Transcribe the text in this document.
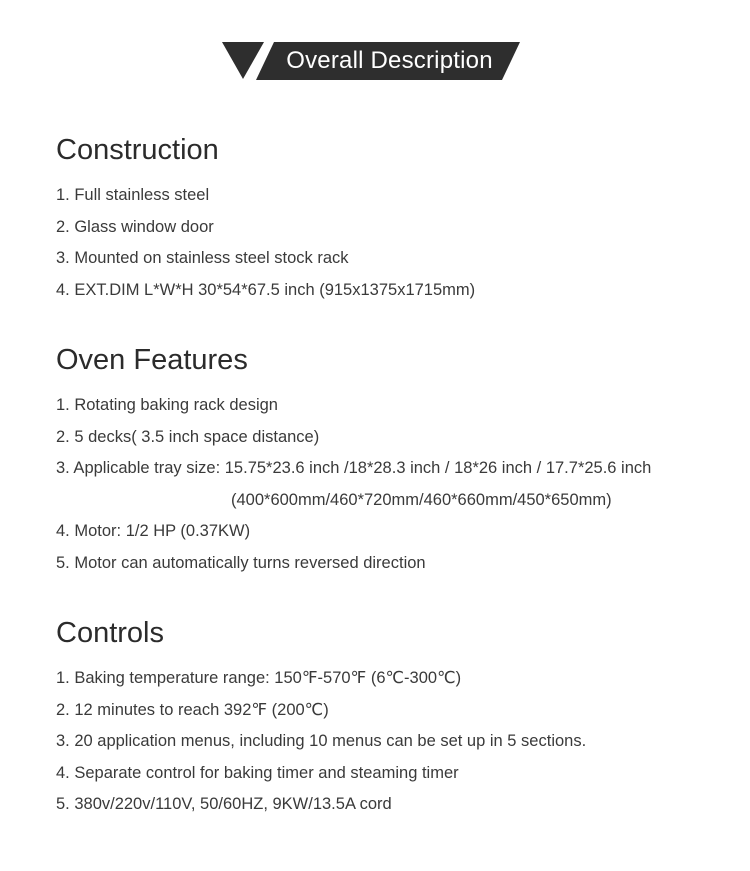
Overall Description
Construction
1. Full stainless steel
2. Glass window door
3. Mounted on stainless steel stock rack
4. EXT.DIM L*W*H 30*54*67.5 inch (915x1375x1715mm)
Oven Features
1. Rotating baking rack design
2. 5 decks( 3.5 inch space distance)
3. Applicable tray size: 15.75*23.6 inch /18*28.3 inch / 18*26 inch / 17.7*25.6 inch
(400*600mm/460*720mm/460*660mm/450*650mm)
4. Motor: 1/2 HP (0.37KW)
5. Motor can automatically turns reversed direction
Controls
1. Baking temperature range: 150℉-570℉ (6℃-300℃)
2. 12 minutes to reach 392℉ (200℃)
3. 20 application menus, including 10 menus can be set up in 5 sections.
4. Separate control for baking timer and steaming timer
5. 380v/220v/110V, 50/60HZ, 9KW/13.5A cord
